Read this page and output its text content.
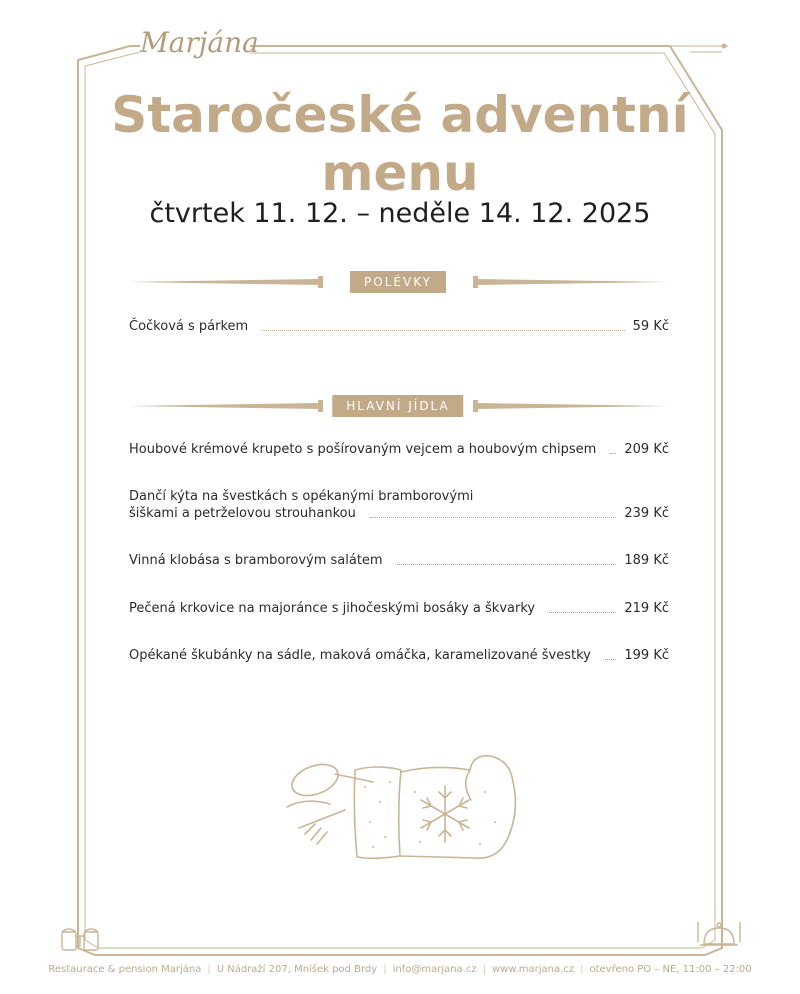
Marjána
Staročeské adventní
menu
čtvrtek 11. 12. – neděle 14. 12. 2025
POLÉVKY
Čočková s párkem	59 Kč
HLAVNÍ JÍDLA
Houbové krémové krupeto s pošírovaným vejcem a houbovým chipsem 209 Kč
Dančí kýta na švestkách s opékanými bramborovými
šiškami a petrželovou strouhankou	239 Kč
Vinná klobása s bramborovým salátem	189 Kč
Pečená krkovice na majoránce s jihočeskými bosáky a škvarky	219 Kč
Opékané škubánky na sádle, maková omáčka, karamelizované švestky	199 Kč
Restaurace & pension Marjána | U Nádraží 207, Mníšek pod Brdy | info@marjana.cz | www.marjana.cz | otevřeno PO – NE, 11:00 – 22:00
